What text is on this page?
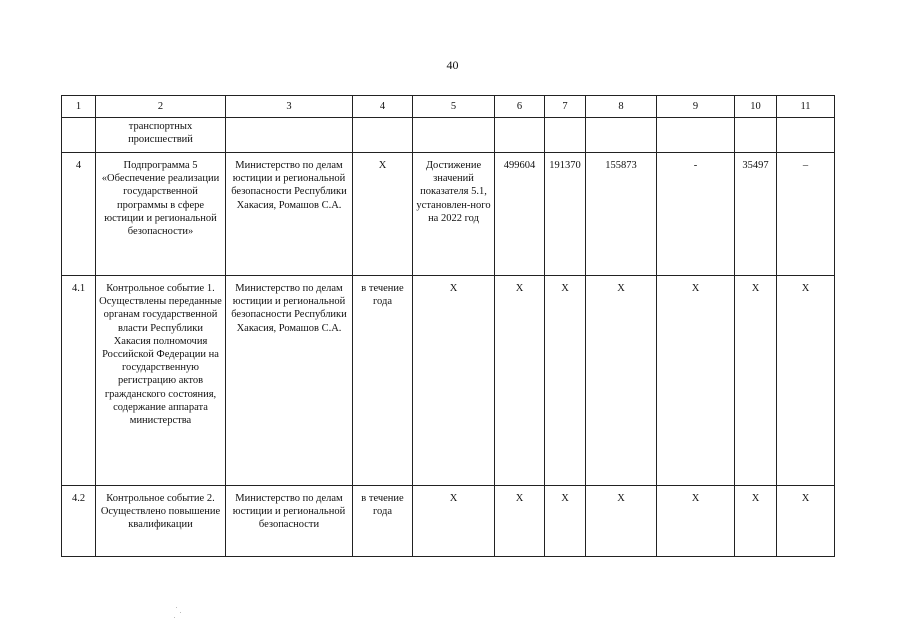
40
1	2	3	4	5	6	7	8	9	10	11
	транспортных происшествий									
4	Подпрограмма 5 «Обеспечение реализации государственной программы в сфере юстиции и региональной безопасности»	Министерство по делам юстиции и региональной безопасности Республики Хакасия, Ромашов С.А.	Х	Достижение значений показателя 5.1, установлен-ного на 2022 год	499604	191370	155873	-	35497	–
4.1	Контрольное событие 1. Осуществлены переданные органам государственной власти Республики Хакасия полномочия Российской Федерации на государственную регистрацию актов гражданского состояния, содержание аппарата министерства	Министерство по делам юстиции и региональной безопасности Республики Хакасия, Ромашов С.А.	в течение года	Х	Х	Х	Х	Х	Х	Х
4.2	Контрольное событие 2. Осуществлено повышение квалификации	Министерство по делам юстиции и региональной безопасности	в течение года	Х	Х	Х	Х	Х	Х	Х
